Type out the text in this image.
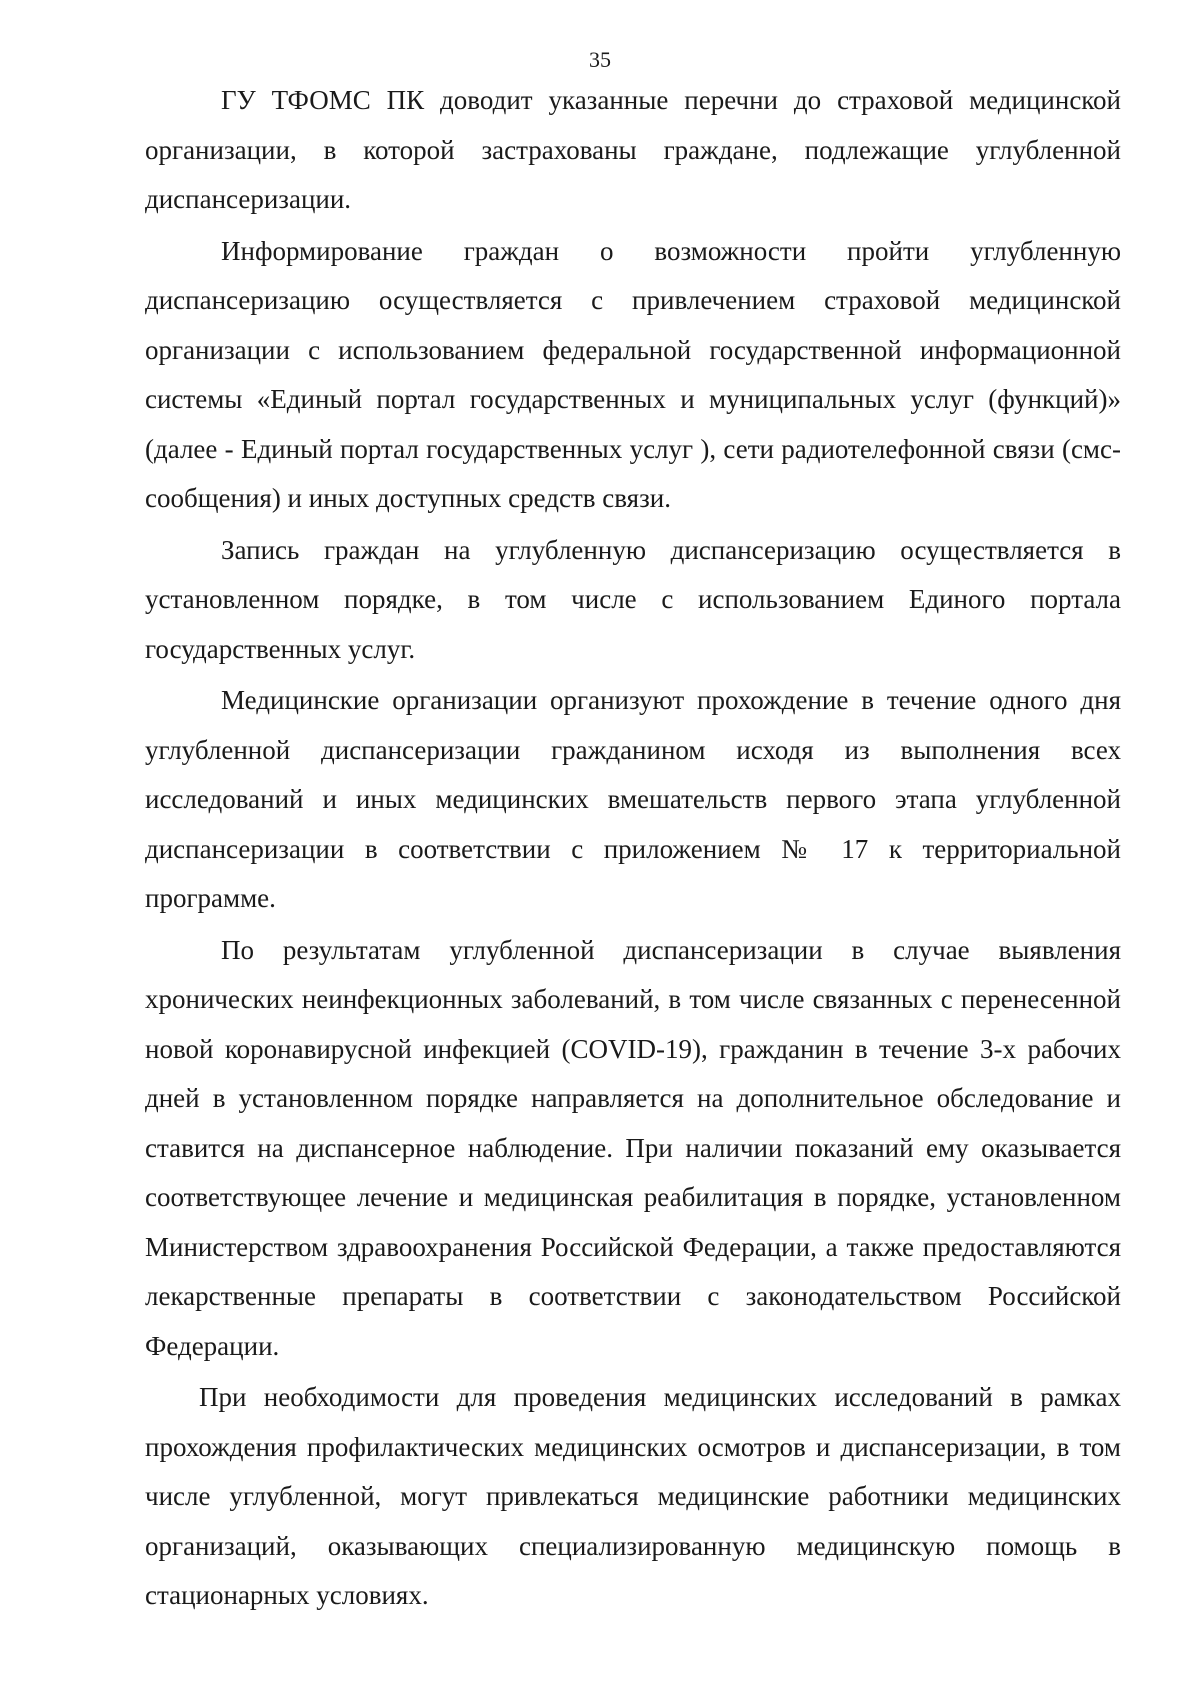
35

ГУ ТФОМС ПК доводит указанные перечни до страховой медицинской организации, в которой застрахованы граждане, подлежащие углубленной диспансеризации.

Информирование граждан о возможности пройти углубленную диспансеризацию осуществляется с привлечением страховой медицинской организации с использованием федеральной государственной информационной системы «Единый портал государственных и муниципальных услуг (функций)» (далее - Единый портал государственных услуг ), сети радиотелефонной связи (смс- сообщения) и иных доступных средств связи.

Запись граждан на углубленную диспансеризацию осуществляется в установленном порядке, в том числе с использованием Единого портала государственных услуг.

Медицинские организации организуют прохождение в течение одного дня углубленной диспансеризации гражданином исходя из выполнения всех исследований и иных медицинских вмешательств первого этапа углубленной диспансеризации в соответствии с приложением № 17 к территориальной программе.

По результатам углубленной диспансеризации в случае выявления хронических неинфекционных заболеваний, в том числе связанных с перенесенной новой коронавирусной инфекцией (COVID-19), гражданин в течение 3-х рабочих дней в установленном порядке направляется на дополнительное обследование и ставится на диспансерное наблюдение. При наличии показаний ему оказывается соответствующее лечение и медицинская реабилитация в порядке, установленном Министерством здравоохранения Российской Федерации, а также предоставляются лекарственные препараты в соответствии с законодательством Российской Федерации.

При необходимости для проведения медицинских исследований в рамках прохождения профилактических медицинских осмотров и диспансеризации, в том числе углубленной, могут привлекаться медицинские работники медицинских организаций, оказывающих специализированную медицинскую помощь в стационарных условиях.
